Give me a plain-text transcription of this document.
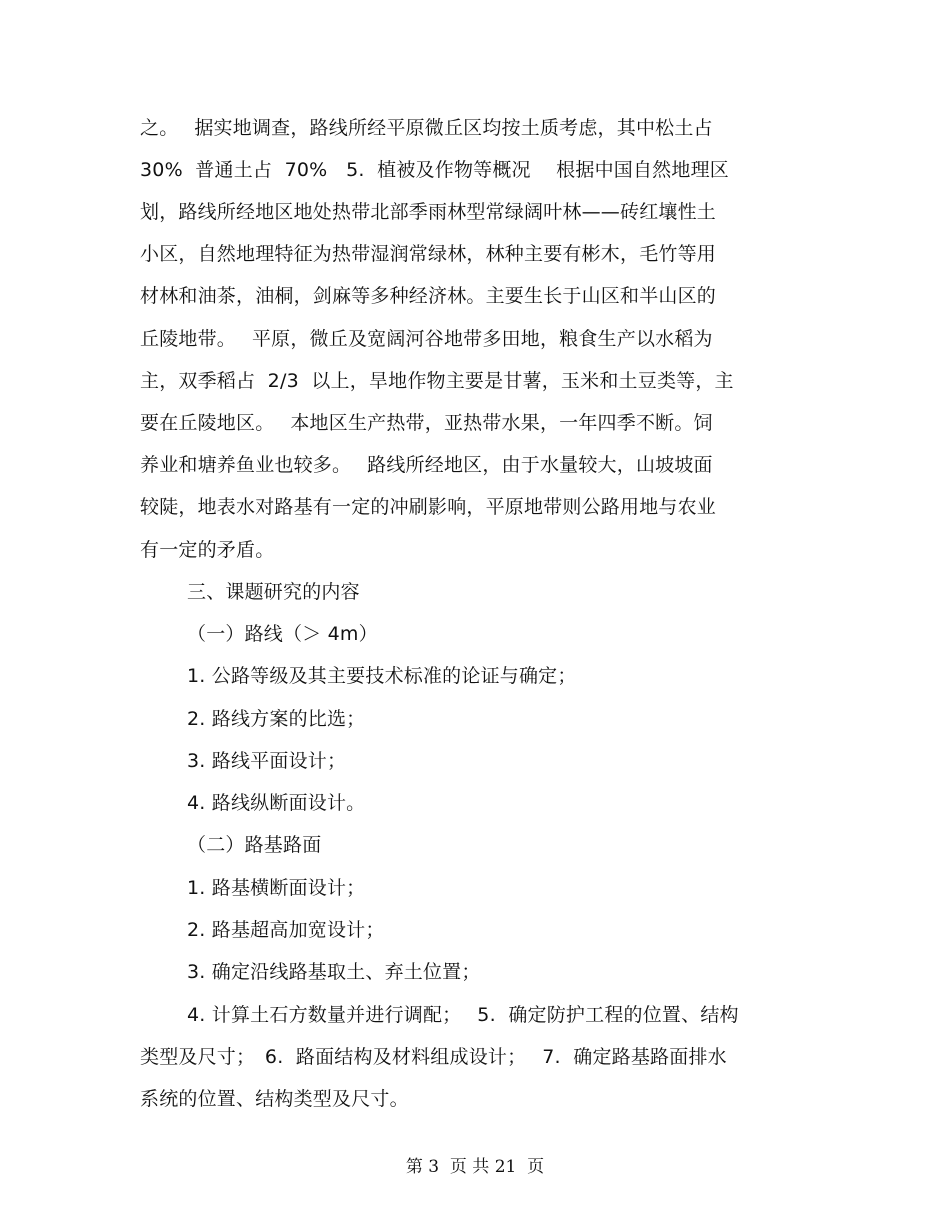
之。　 据实地调查，路线所经平原微丘区均按土质考虑，其中松土占
30%  普通土占  70%   5.  植被及作物等概况　 根据中国自然地理区
划，路线所经地区地处热带北部季雨林型常绿阔叶林——砖红壤性土
小区，自然地理特征为热带湿润常绿林，林种主要有彬木，毛竹等用
材林和油茶，油桐，剑麻等多种经济林。主要生长于山区和半山区的
丘陵地带。　 平原，微丘及宽阔河谷地带多田地，粮食生产以水稻为
主，双季稻占  2/3  以上，旱地作物主要是甘薯，玉米和土豆类等，主
要在丘陵地区。　 本地区生产热带，亚热带水果，一年四季不断。饲
养业和塘养鱼业也较多。　 路线所经地区，由于水量较大，山坡坡面
较陡，地表水对路基有一定的冲刷影响，平原地带则公路用地与农业
有一定的矛盾。
三、课题研究的内容
（一）路线（＞ 4m）
1. 公路等级及其主要技术标准的论证与确定；
2. 路线方案的比选；
3. 路线平面设计；
4. 路线纵断面设计。
（二）路基路面
1. 路基横断面设计；
2. 路基超高加宽设计；
3. 确定沿线路基取土、弃土位置；
4. 计算土石方数量并进行调配；　 5.  确定防护工程的位置、结构
类型及尺寸；　6.  路面结构及材料组成设计；　 7.  确定路基路面排水
系统的位置、结构类型及尺寸。
第 3  页 共 21  页
